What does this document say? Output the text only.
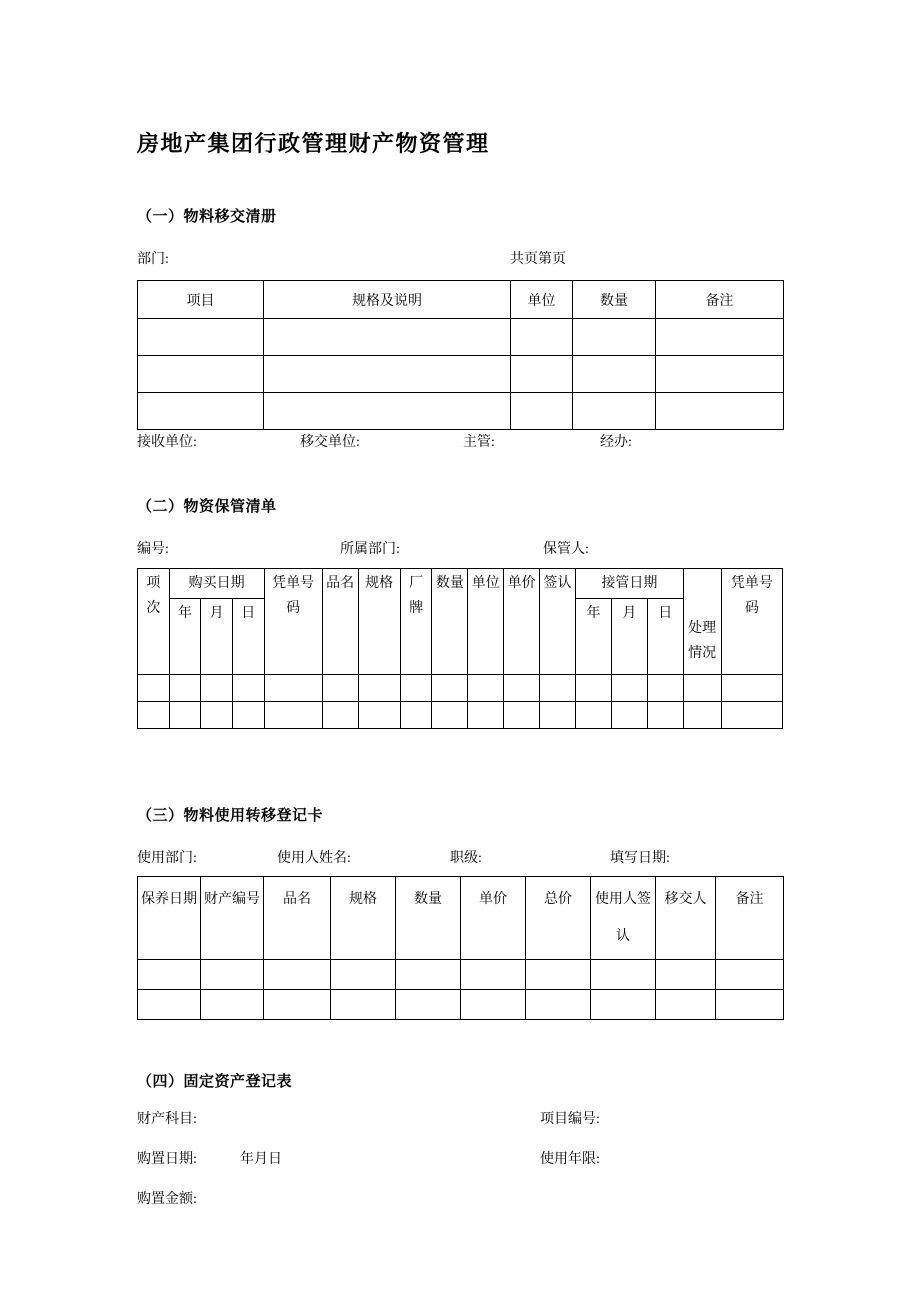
房地产集团行政管理财产物资管理
（一）物料移交清册
部门:	共页第页
项目	规格及说明	单位	数量	备注

接收单位:	移交单位:	主管:	经办:
（二）物资保管清单
编号:	所属部门:	保管人:
项次	购买日期			凭单号码	品名	规格	厂牌	数量	单位	单价	签认	接管日期			处理情况	凭单号码
	年	月	日									年	月	日		

（三）物料使用转移登记卡
使用部门:	使用人姓名:	职级:	填写日期:
保养日期	财产编号	品名	规格	数量	单价	总价	使用人签认	移交人	备注

（四）固定资产登记表
财产科目:	项目编号:
购置日期:	年月日	使用年限:
购置金额:
